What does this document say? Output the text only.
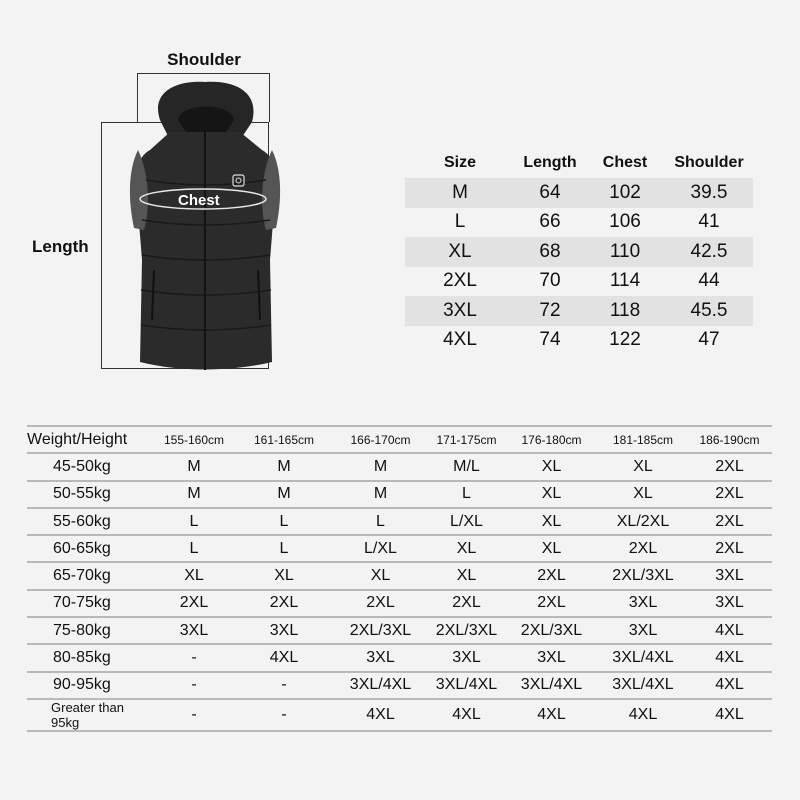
Shoulder
Length
Chest
Size	Length	Chest	Shoulder
M	64	102	39.5
L	66	106	41
XL	68	110	42.5
2XL	70	114	44
3XL	72	118	45.5
4XL	74	122	47
Weight/Height	155-160cm	161-165cm	166-170cm	171-175cm	176-180cm	181-185cm	186-190cm
45-50kg	M	M	M	M/L	XL	XL	2XL
50-55kg	M	M	M	L	XL	XL	2XL
55-60kg	L	L	L	L/XL	XL	XL/2XL	2XL
60-65kg	L	L	L/XL	XL	XL	2XL	2XL
65-70kg	XL	XL	XL	XL	2XL	2XL/3XL	3XL
70-75kg	2XL	2XL	2XL	2XL	2XL	3XL	3XL
75-80kg	3XL	3XL	2XL/3XL	2XL/3XL	2XL/3XL	3XL	4XL
80-85kg	-	4XL	3XL	3XL	3XL	3XL/4XL	4XL
90-95kg	-	-	3XL/4XL	3XL/4XL	3XL/4XL	3XL/4XL	4XL
Greater than 95kg	-	-	4XL	4XL	4XL	4XL	4XL
